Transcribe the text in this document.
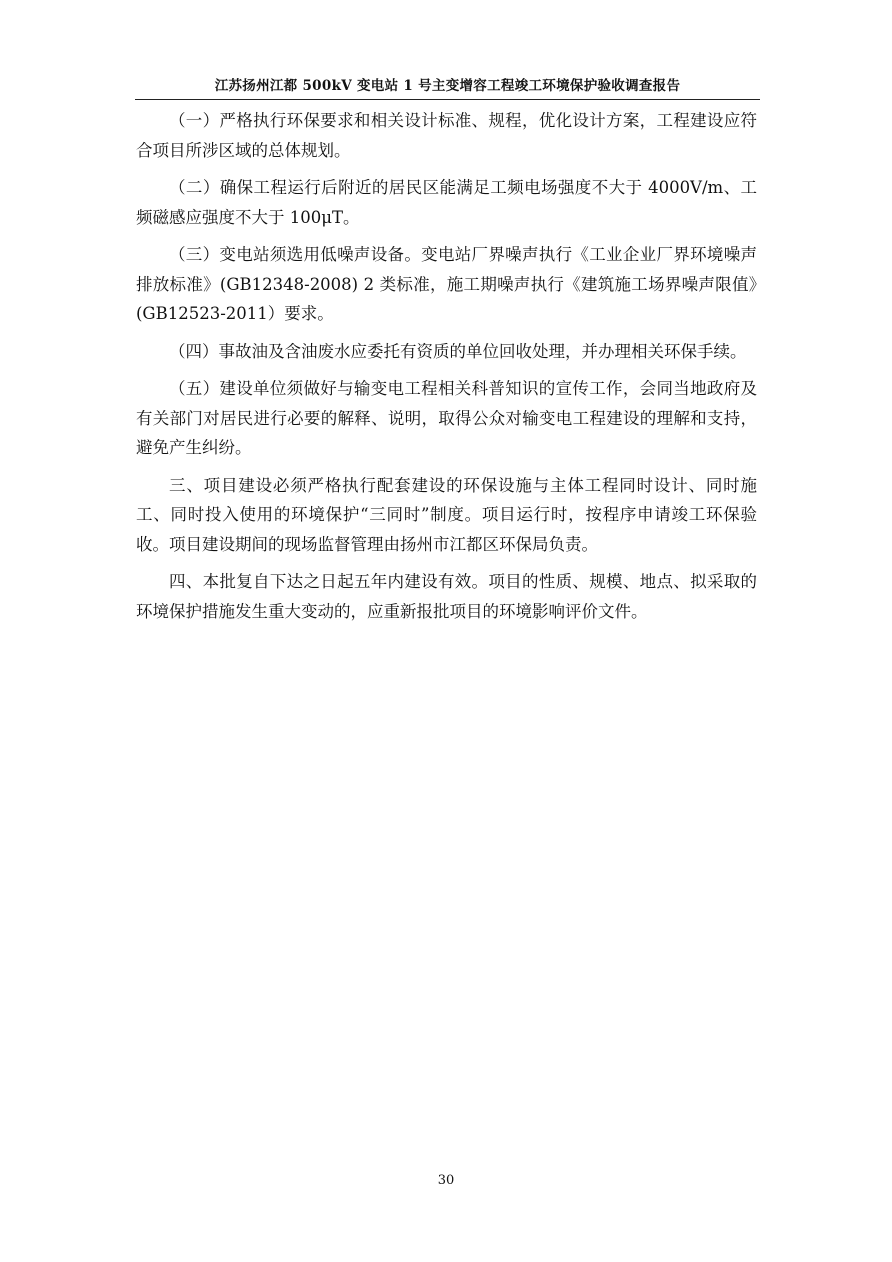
江苏扬州江都 500kV 变电站 1 号主变增容工程竣工环境保护验收调查报告

（一）严格执行环保要求和相关设计标准、规程，优化设计方案，工程建设应符合项目所涉区域的总体规划。

（二）确保工程运行后附近的居民区能满足工频电场强度不大于 4000V/m、工频磁感应强度不大于 100μT。

（三）变电站须选用低噪声设备。变电站厂界噪声执行《工业企业厂界环境噪声排放标准》(GB12348-2008) 2 类标准，施工期噪声执行《建筑施工场界噪声限值》(GB12523-2011）要求。

（四）事故油及含油废水应委托有资质的单位回收处理，并办理相关环保手续。

（五）建设单位须做好与输变电工程相关科普知识的宣传工作，会同当地政府及有关部门对居民进行必要的解释、说明，取得公众对输变电工程建设的理解和支持，避免产生纠纷。

三、项目建设必须严格执行配套建设的环保设施与主体工程同时设计、同时施工、同时投入使用的环境保护“三同时”制度。项目运行时，按程序申请竣工环保验收。项目建设期间的现场监督管理由扬州市江都区环保局负责。

四、本批复自下达之日起五年内建设有效。项目的性质、规模、地点、拟采取的环境保护措施发生重大变动的，应重新报批项目的环境影响评价文件。

30
